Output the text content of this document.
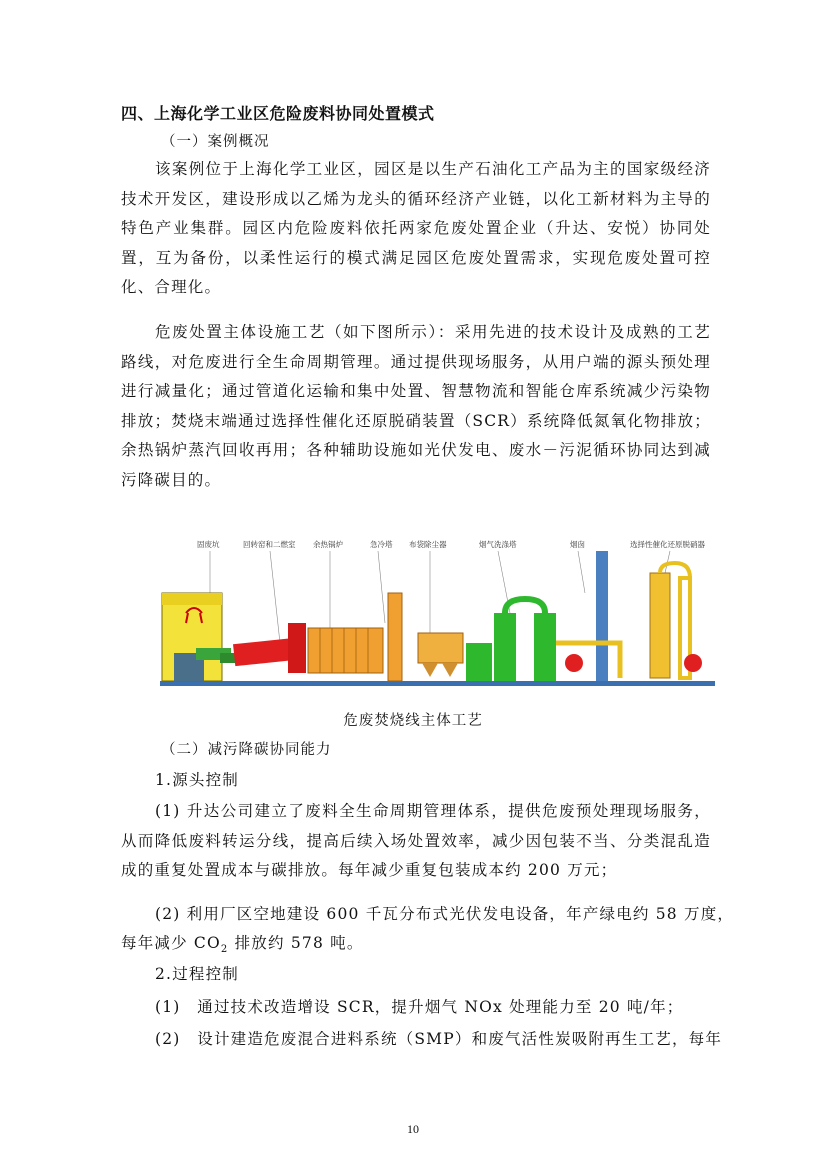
四、上海化学工业区危险废料协同处置模式
（一）案例概况

该案例位于上海化学工业区，园区是以生产石油化工产品为主的国家级经济技术开发区，建设形成以乙烯为龙头的循环经济产业链，以化工新材料为主导的特色产业集群。园区内危险废料依托两家危废处置企业（升达、安悦）协同处置，互为备份，以柔性运行的模式满足园区危废处置需求，实现危废处置可控化、合理化。

危废处置主体设施工艺（如下图所示）：采用先进的技术设计及成熟的工艺路线，对危废进行全生命周期管理。通过提供现场服务，从用户端的源头预处理进行减量化；通过管道化运输和集中处置、智慧物流和智能仓库系统减少污染物排放；焚烧末端通过选择性催化还原脱硝装置（SCR）系统降低氮氧化物排放；余热锅炉蒸汽回收再用；各种辅助设施如光伏发电、废水－污泥循环协同达到减污降碳目的。

固废坑	回转窑和二燃室 余热锅炉	急冷塔 布袋除尘器	烟气洗涤塔	烟囱	选择性催化还原脱硝器
危废焚烧线主体工艺
（二）减污降碳协同能力
1.源头控制

(1) 升达公司建立了废料全生命周期管理体系，提供危废预处理现场服务，从而降低废料转运分线，提高后续入场处置效率，减少因包装不当、分类混乱造成的重复处置成本与碳排放。每年减少重复包装成本约 200 万元；

(2) 利用厂区空地建设 600 千瓦分布式光伏发电设备，年产绿电约 58 万度，
每年减少 $CO_2$ 排放约 578 吨。
2.过程控制
(1)　通过技术改造增设 SCR，提升烟气 NOx 处理能力至 20 吨/年；
(2)　设计建造危废混合进料系统（SMP）和废气活性炭吸附再生工艺，每年
10
